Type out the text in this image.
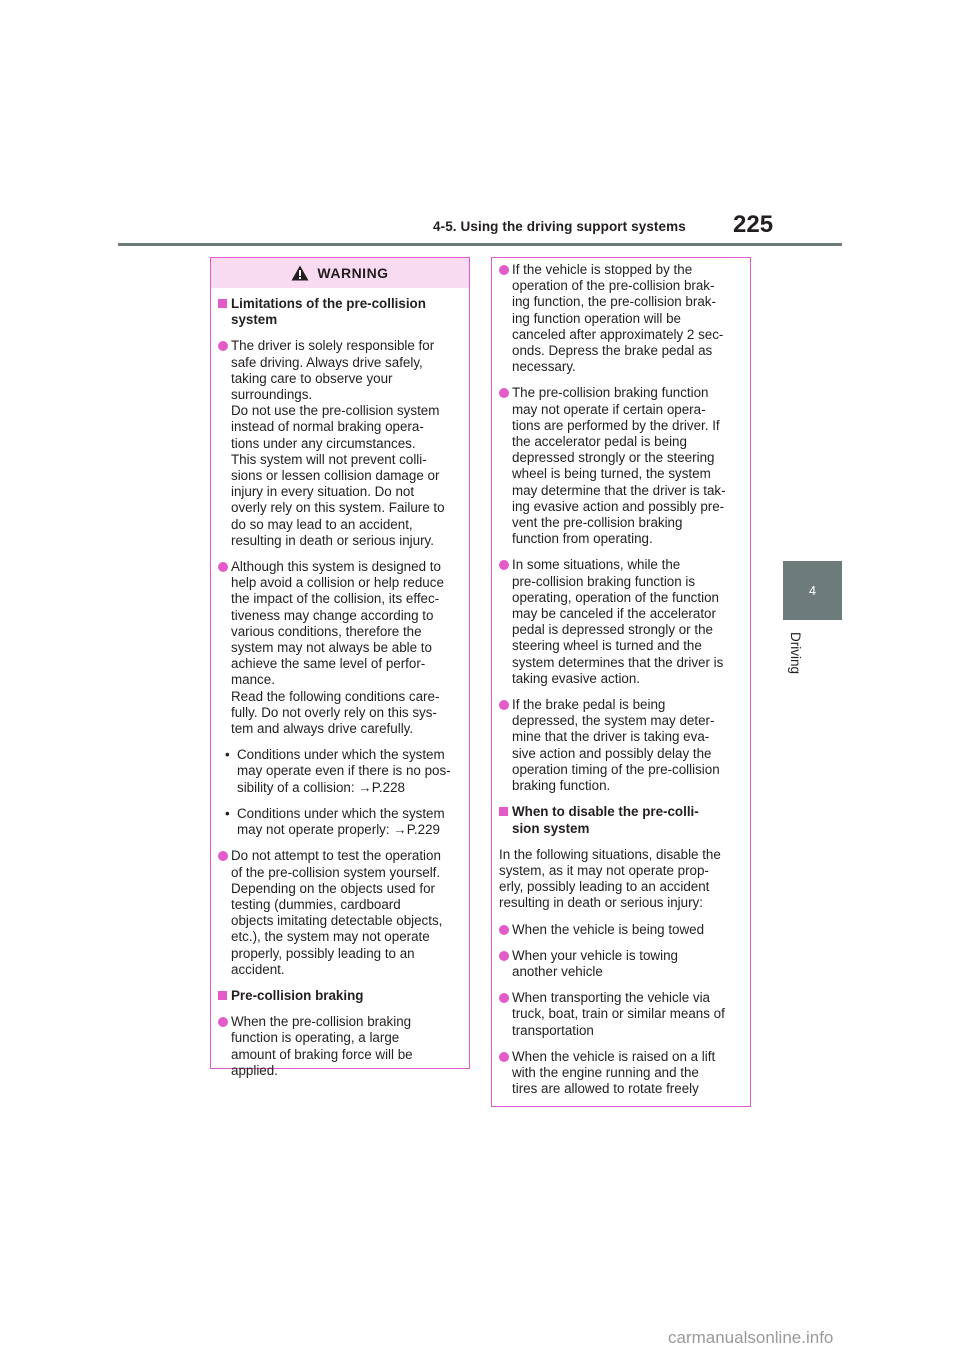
4-5. Using the driving support systems 225
4
Driving
WARNING
Limitations of the pre-collision
system
The driver is solely responsible for
safe driving. Always drive safely,
taking care to observe your
surroundings.
Do not use the pre-collision system
instead of normal braking opera-
tions under any circumstances.
This system will not prevent colli-
sions or lessen collision damage or
injury in every situation. Do not
overly rely on this system. Failure to
do so may lead to an accident,
resulting in death or serious injury.
Although this system is designed to
help avoid a collision or help reduce
the impact of the collision, its effec-
tiveness may change according to
various conditions, therefore the
system may not always be able to
achieve the same level of perfor-
mance.
Read the following conditions care-
fully. Do not overly rely on this sys-
tem and always drive carefully.
• Conditions under which the system
may operate even if there is no pos-
sibility of a collision: →P.228
• Conditions under which the system
may not operate properly: →P.229
Do not attempt to test the operation
of the pre-collision system yourself.
Depending on the objects used for
testing (dummies, cardboard
objects imitating detectable objects,
etc.), the system may not operate
properly, possibly leading to an
accident.
Pre-collision braking
When the pre-collision braking
function is operating, a large
amount of braking force will be
applied.
If the vehicle is stopped by the
operation of the pre-collision brak-
ing function, the pre-collision brak-
ing function operation will be
canceled after approximately 2 sec-
onds. Depress the brake pedal as
necessary.
The pre-collision braking function
may not operate if certain opera-
tions are performed by the driver. If
the accelerator pedal is being
depressed strongly or the steering
wheel is being turned, the system
may determine that the driver is tak-
ing evasive action and possibly pre-
vent the pre-collision braking
function from operating.
In some situations, while the
pre-collision braking function is
operating, operation of the function
may be canceled if the accelerator
pedal is depressed strongly or the
steering wheel is turned and the
system determines that the driver is
taking evasive action.
If the brake pedal is being
depressed, the system may deter-
mine that the driver is taking eva-
sive action and possibly delay the
operation timing of the pre-collision
braking function.
When to disable the pre-colli-
sion system
In the following situations, disable the
system, as it may not operate prop-
erly, possibly leading to an accident
resulting in death or serious injury:
When the vehicle is being towed
When your vehicle is towing
another vehicle
When transporting the vehicle via
truck, boat, train or similar means of
transportation
When the vehicle is raised on a lift
with the engine running and the
tires are allowed to rotate freely
carmanualsonline.info
